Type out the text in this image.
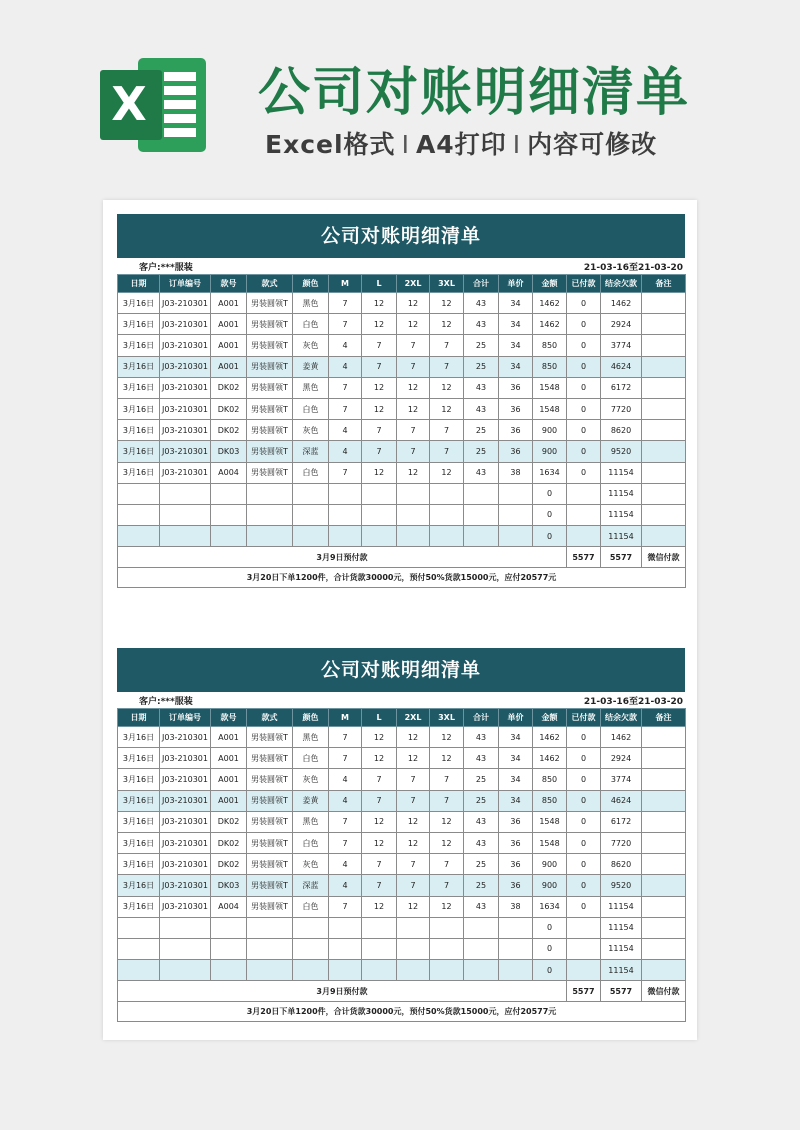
X 公司对账明细清单
Excel格式 I A4打印 I 内容可修改
公司对账明细清单
客户:***服装	21-03-16至21-03-20
日期	订单编号	款号	款式	颜色	M	L	2XL	3XL	合计	单价	金额	已付款	结余欠款	备注
3月16日	J03-210301	A001	男装圆领T	黑色	7	12	12	12	43	34	1462	0	1462	
3月16日	J03-210301	A001	男装圆领T	白色	7	12	12	12	43	34	1462	0	2924	
3月16日	J03-210301	A001	男装圆领T	灰色	4	7	7	7	25	34	850	0	3774	
3月16日	J03-210301	A001	男装圆领T	姜黄	4	7	7	7	25	34	850	0	4624	
3月16日	J03-210301	DK02	男装圆领T	黑色	7	12	12	12	43	36	1548	0	6172	
3月16日	J03-210301	DK02	男装圆领T	白色	7	12	12	12	43	36	1548	0	7720	
3月16日	J03-210301	DK02	男装圆领T	灰色	4	7	7	7	25	36	900	0	8620	
3月16日	J03-210301	DK03	男装圆领T	深蓝	4	7	7	7	25	36	900	0	9520	
3月16日	J03-210301	A004	男装圆领T	白色	7	12	12	12	43	38	1634	0	11154	
											0		11154	
											0		11154	
											0		11154	
3月9日预付款												5577	5577	微信付款
3月20日下单1200件，合计货款30000元，预付50%货款15000元，应付20577元														
公司对账明细清单
客户:***服装	21-03-16至21-03-20
日期	订单编号	款号	款式	颜色	M	L	2XL	3XL	合计	单价	金额	已付款	结余欠款	备注
3月16日	J03-210301	A001	男装圆领T	黑色	7	12	12	12	43	34	1462	0	1462	
3月16日	J03-210301	A001	男装圆领T	白色	7	12	12	12	43	34	1462	0	2924	
3月16日	J03-210301	A001	男装圆领T	灰色	4	7	7	7	25	34	850	0	3774	
3月16日	J03-210301	A001	男装圆领T	姜黄	4	7	7	7	25	34	850	0	4624	
3月16日	J03-210301	DK02	男装圆领T	黑色	7	12	12	12	43	36	1548	0	6172	
3月16日	J03-210301	DK02	男装圆领T	白色	7	12	12	12	43	36	1548	0	7720	
3月16日	J03-210301	DK02	男装圆领T	灰色	4	7	7	7	25	36	900	0	8620	
3月16日	J03-210301	DK03	男装圆领T	深蓝	4	7	7	7	25	36	900	0	9520	
3月16日	J03-210301	A004	男装圆领T	白色	7	12	12	12	43	38	1634	0	11154	
											0		11154	
											0		11154	
											0		11154	
3月9日预付款												5577	5577	微信付款
3月20日下单1200件，合计货款30000元，预付50%货款15000元，应付20577元														
